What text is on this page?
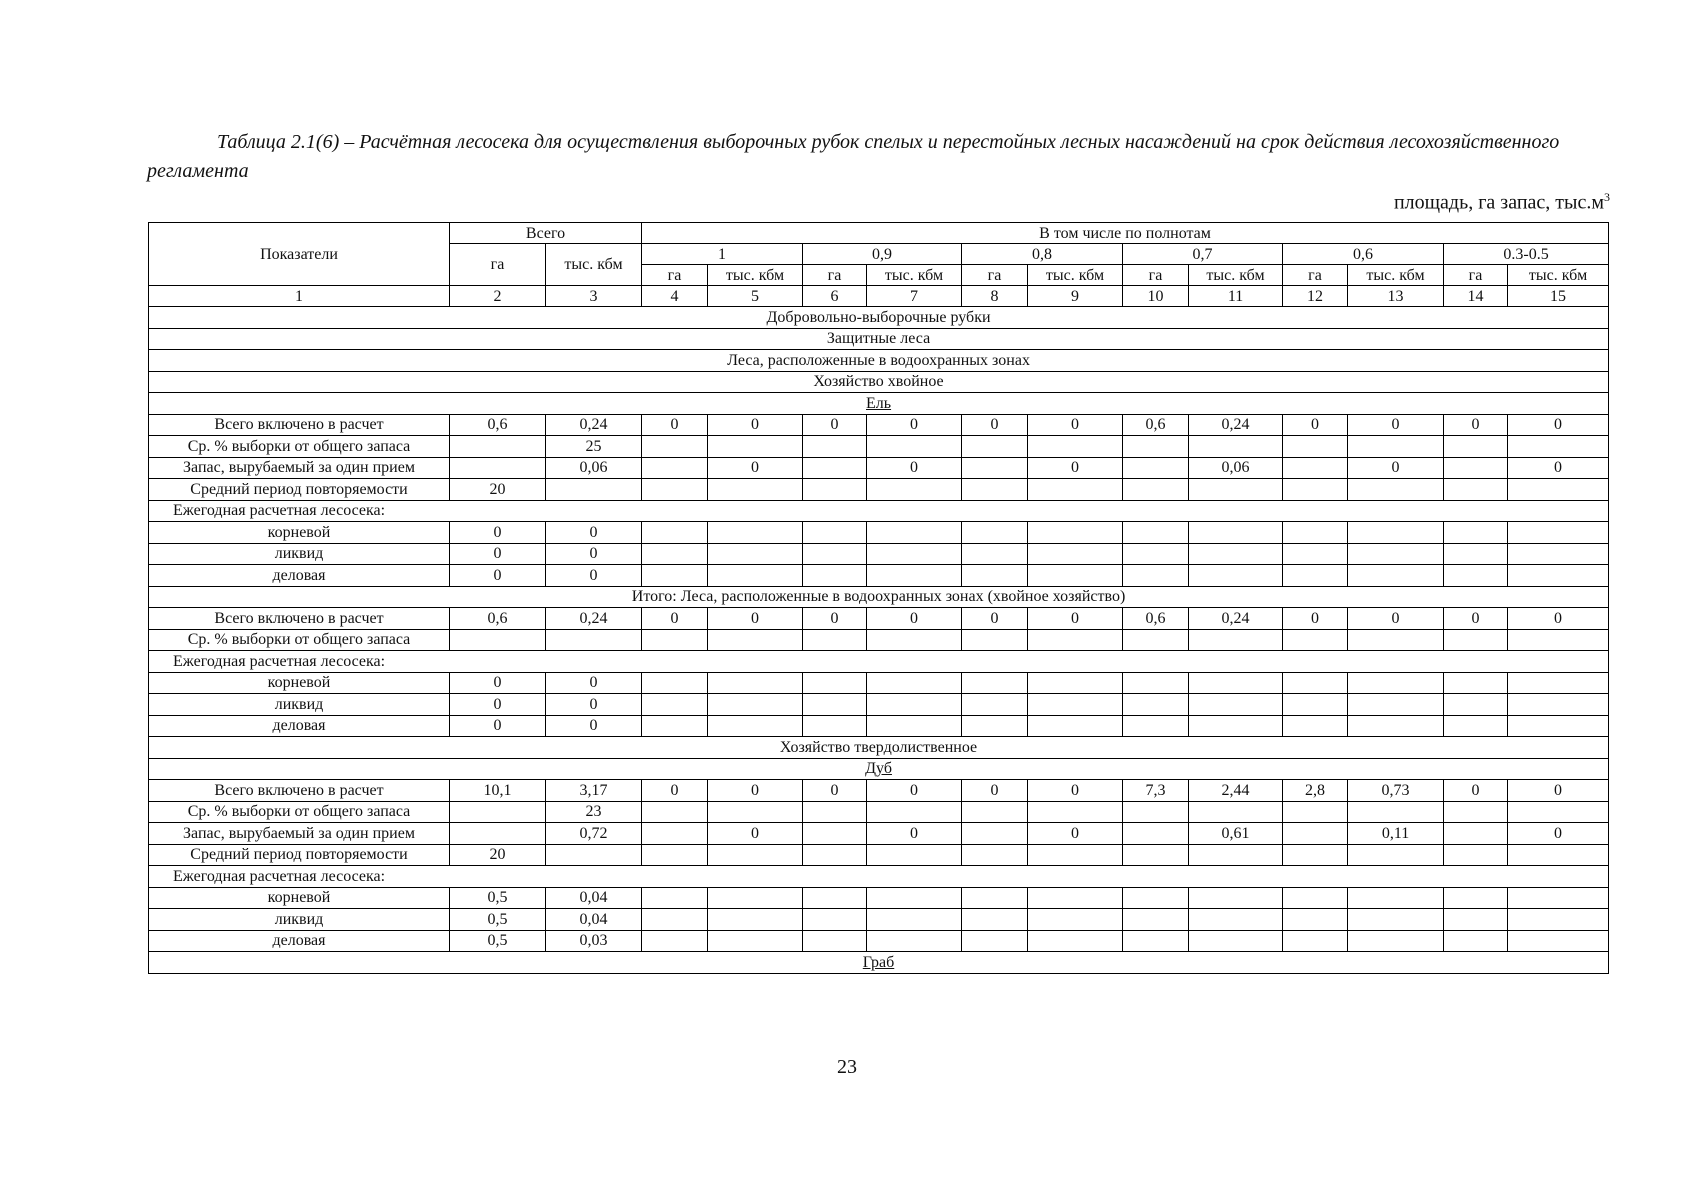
Таблица 2.1(6) – Расчётная лесосека для осуществления выборочных рубок спелых и перестойных лесных насаждений на срок действия лесохозяйственного регламента
площадь, га запас, $тыс.м^3$
Показатели	Всего		В том числе по полнотам											
	га	тыс. кбм	1		0,9		0,8		0,7		0,6		0.3-0.5	
			га	тыс. кбм	га	тыс. кбм	га	тыс. кбм	га	тыс. кбм	га	тыс. кбм	га	тыс. кбм
1	2	3	4	5	6	7	8	9	10	11	12	13	14	15
Добровольно-выборочные рубки														
Защитные леса														
Леса, расположенные в водоохранных зонах														
Хозяйство хвойное														
Ель														
Всего включено в расчет	0,6	0,24	0	0	0	0	0	0	0,6	0,24	0	0	0	0
Ср. % выборки от общего запаса		25												
Запас, вырубаемый за один прием		0,06		0		0		0		0,06		0		0
Средний период повторяемости	20													
Ежегодная расчетная лесосека:														
корневой	0	0												
ликвид	0	0												
деловая	0	0												
Итого: Леса, расположенные в водоохранных зонах (хвойное хозяйство)														
Всего включено в расчет	0,6	0,24	0	0	0	0	0	0	0,6	0,24	0	0	0	0
Ср. % выборки от общего запаса														
Ежегодная расчетная лесосека:														
корневой	0	0												
ликвид	0	0												
деловая	0	0												
Хозяйство твердолиственное														
Дуб														
Всего включено в расчет	10,1	3,17	0	0	0	0	0	0	7,3	2,44	2,8	0,73	0	0
Ср. % выборки от общего запаса		23												
Запас, вырубаемый за один прием		0,72		0		0		0		0,61		0,11		0
Средний период повторяемости	20													
Ежегодная расчетная лесосека:														
корневой	0,5	0,04												
ликвид	0,5	0,04												
деловая	0,5	0,03												
Граб														
23
